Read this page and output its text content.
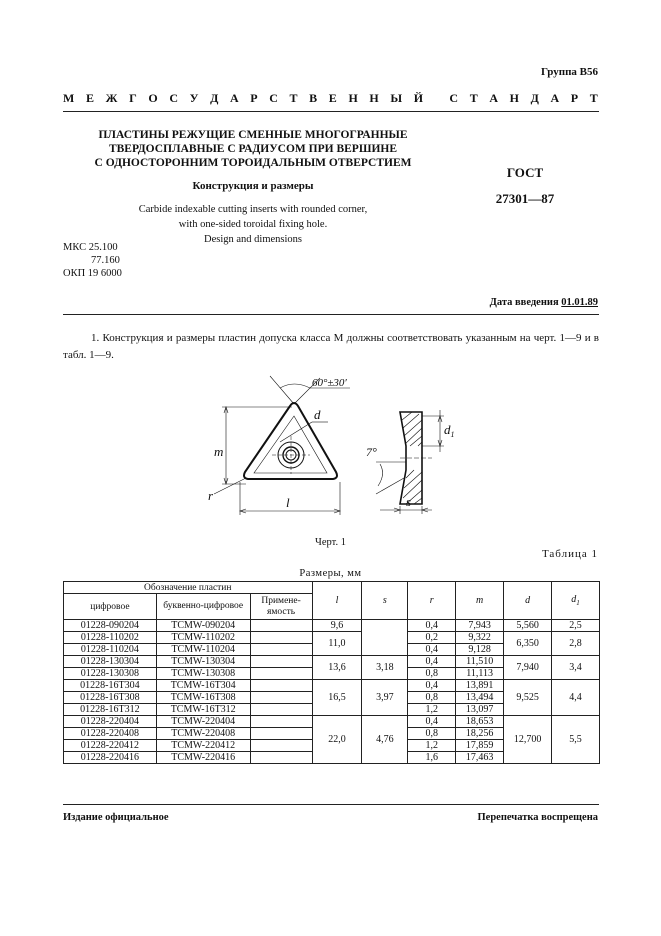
Группа В56
М Е Ж Г О С У Д А Р С Т В Е Н Н Ы Й
С Т А Н Д А Р Т
ПЛАСТИНЫ РЕЖУЩИЕ СМЕННЫЕ МНОГОГРАННЫЕ
ТВЕРДОСПЛАВНЫЕ С РАДИУСОМ ПРИ ВЕРШИНЕ
С ОДНОСТОРОННИМ ТОРОИДАЛЬНЫМ ОТВЕРСТИЕМ
Конструкция и размеры
Carbide indexable cutting inserts with rounded corner,
with one-sided toroidal fixing hole.
Design and dimensions
ГОСТ
27301—87
МКС 25.100
77.160
ОКП 19 6000
Дата введения 01.01.89
1. Конструкция и размеры пластин допуска класса М должны соответствовать указанным на черт. 1—9 и в табл. 1—9.
60°±30′
d
m
r	l
7°
$d_1$
s
Черт. 1
Таблица 1
Размеры, мм
Обозначение пластин			l	s	r	m	d	$d_1$
цифровое	буквенно-цифровое	Примене-ямость						
01228-090204	TCMW-090204		9,6		0,4	7,943	5,560	2,5
01228-110202	TCMW-110202		11,0		0,2	9,322	6,350	2,8
01228-110204	TCMW-110204				0,4	9,128		
01228-130304	TCMW-130304		13,6	3,18	0,4	11,510	7,940	3,4
01228-130308	TCMW-130308				0,8	11,113		
01228-16T304	TCMW-16T304		16,5	3,97	0,4	13,891	9,525	4,4
01228-16T308	TCMW-16T308				0,8	13,494		
01228-16T312	TCMW-16T312				1,2	13,097		
01228-220404	TCMW-220404		22,0	4,76	0,4	18,653	12,700	5,5
01228-220408	TCMW-220408				0,8	18,256		
01228-220412	TCMW-220412				1,2	17,859		
01228-220416	TCMW-220416				1,6	17,463		
Издание официальное	Перепечатка воспрещена
